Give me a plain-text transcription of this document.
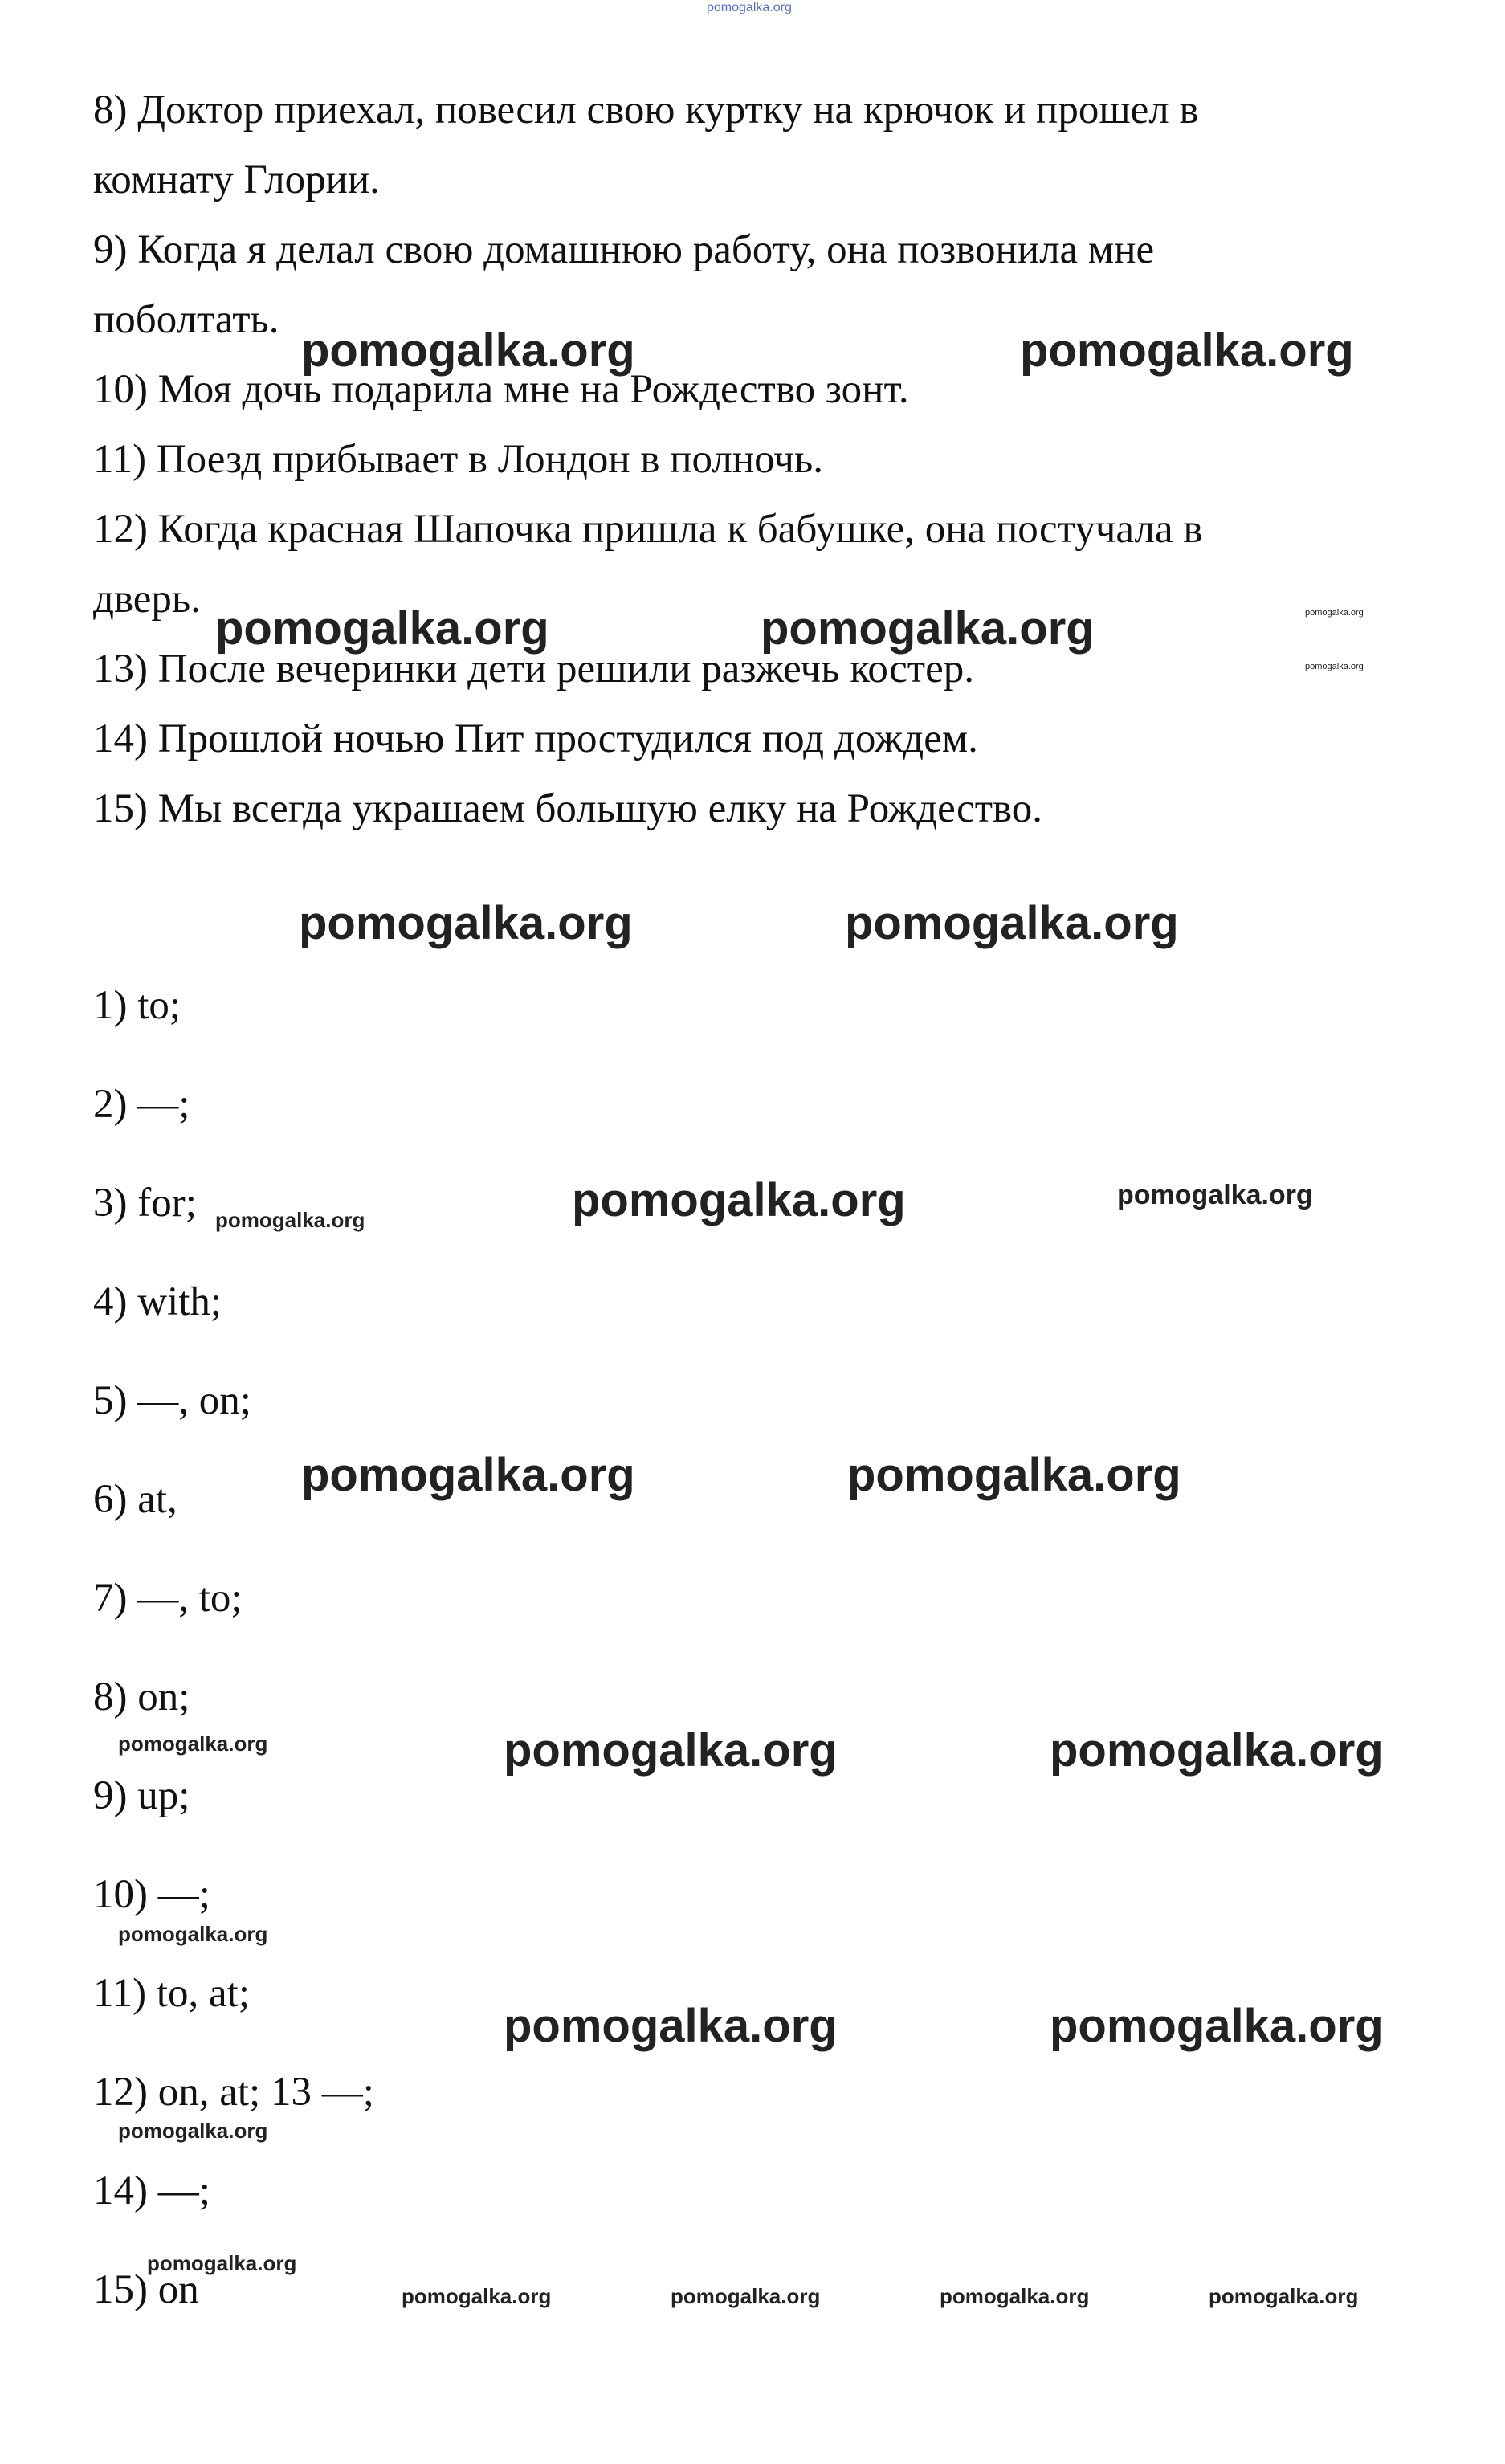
pomogalka.org
8) Доктор приехал, повесил свою куртку на крючок и прошел в
комнату Глории.
9) Когда я делал свою домашнюю работу, она позвонила мне
поболтать.
10) Моя дочь подарила мне на Рождество зонт.
11) Поезд прибывает в Лондон в полночь.
12) Когда красная Шапочка пришла к бабушке, она постучала в
дверь.
13) После вечеринки дети решили разжечь костер.
14) Прошлой ночью Пит простудился под дождем.
15) Мы всегда украшаем большую елку на Рождество.
1) to;
2) —;
3) for;
4) with;
5) —, on;
6) at,
7) —, to;
8) on;
9) up;
10) —;
11) to, at;
12) on, at; 13 —;
14) —;
15) on
pomogalka.org	pomogalka.org
pomogalka.org	pomogalka.org
pomogalka.org	pomogalka.org
pomogalka.org
pomogalka.org	pomogalka.org
pomogalka.org	pomogalka.org
pomogalka.org	pomogalka.org
pomogalka.org
pomogalka.org
pomogalka.org
pomogalka.org
pomogalka.org
pomogalka.org
pomogalka.org	pomogalka.org	pomogalka.org	pomogalka.org
pomogalka.org
pomogalka.org
